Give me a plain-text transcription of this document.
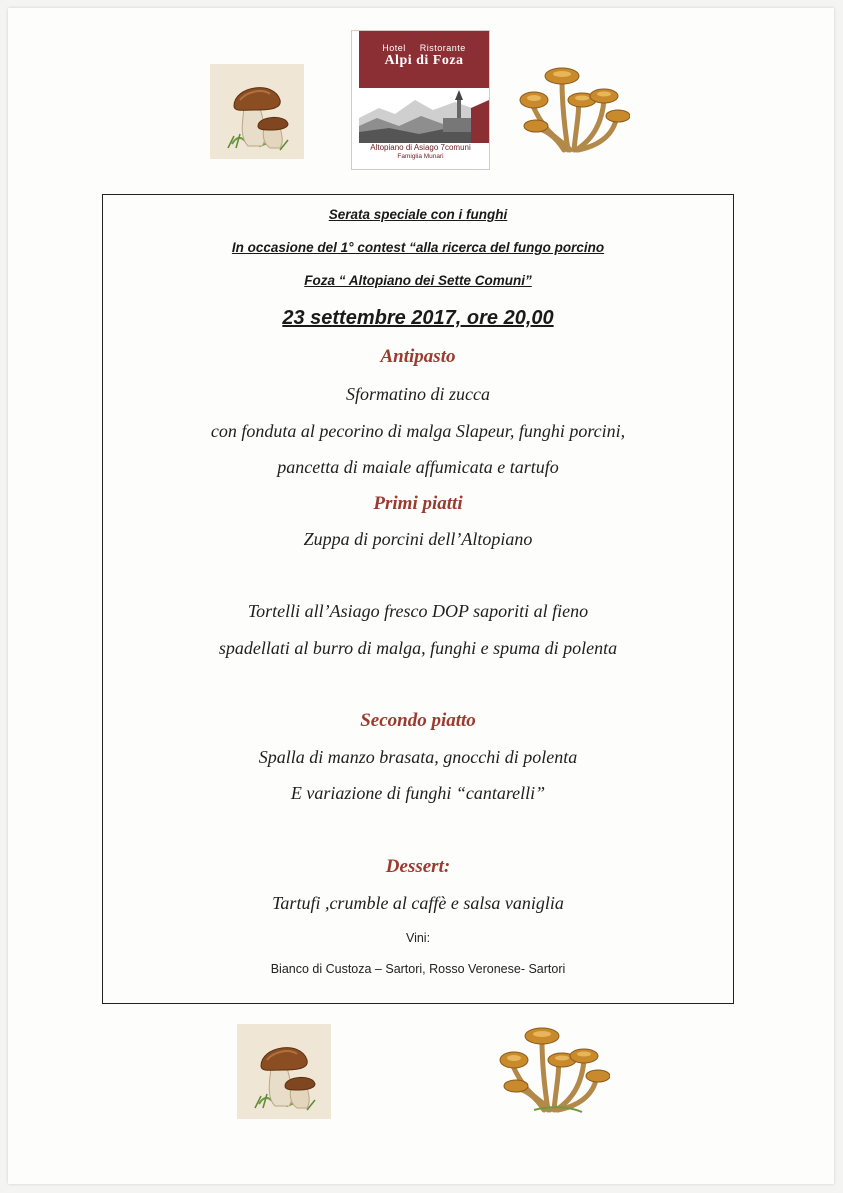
Hotel Ristorante
Alpi di Foza
Altopiano di Asiago 7comuni
Famiglia Munari
Serata speciale con i funghi
In occasione del 1° contest “alla ricerca del fungo porcino
Foza “ Altopiano dei Sette Comuni”
23 settembre 2017, ore 20,00
Antipasto
Sformatino di zucca
con fonduta al pecorino di malga Slapeur, funghi porcini,
pancetta di maiale affumicata e tartufo
Primi piatti
Zuppa di porcini dell’Altopiano
Tortelli all’Asiago fresco DOP saporiti al fieno
spadellati al burro di malga, funghi e spuma di polenta
Secondo piatto
Spalla di manzo brasata, gnocchi di polenta
E variazione di funghi “cantarelli”
Dessert:
Tartufi ,crumble al caffè e salsa vaniglia
Vini:
Bianco di Custoza – Sartori, Rosso Veronese- Sartori
